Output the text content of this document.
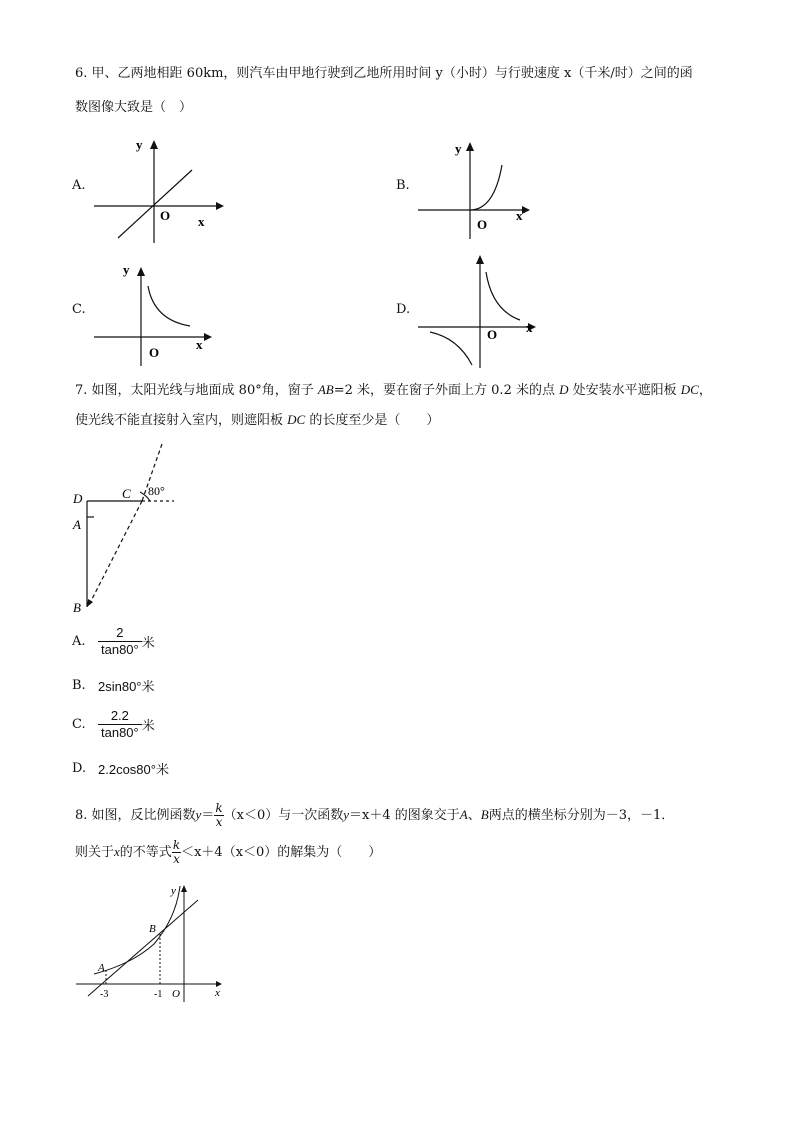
6. 甲、乙两地相距 60km，则汽车由甲地行驶到乙地所用时间 y（小时）与行驶速度 x（千米/时）之间的函
数图像大致是（　）
A.
y
x
O
B.
y
x
O
C.
y
x
O
D.
x
O
7. 如图，太阳光线与地面成 80°角，窗子 AB=2 米，要在窗子外面上方 0.2 米的点 D 处安装水平遮阳板 DC，
使光线不能直接射入室内，则遮阳板 DC 的长度至少是（　　）
D	C
A
B
80°
A. $\frac{2}{\tan 80^\circ}$ 米
B. 2sin80°米
C. $\frac{2.2}{\tan 80^\circ}$ 米
D. 2.2cos80°米
8. 如图，反比例函数$y= \frac{k}{x} (x<0)$与一次函数y＝x＋4 的图象交于A、B两点的横坐标分别为－3，－1．
则关于x的不等式 $\frac{k}{x} <x+4(x<0)$的解集为（　　）
y
x
O
A
B
-3	-1
